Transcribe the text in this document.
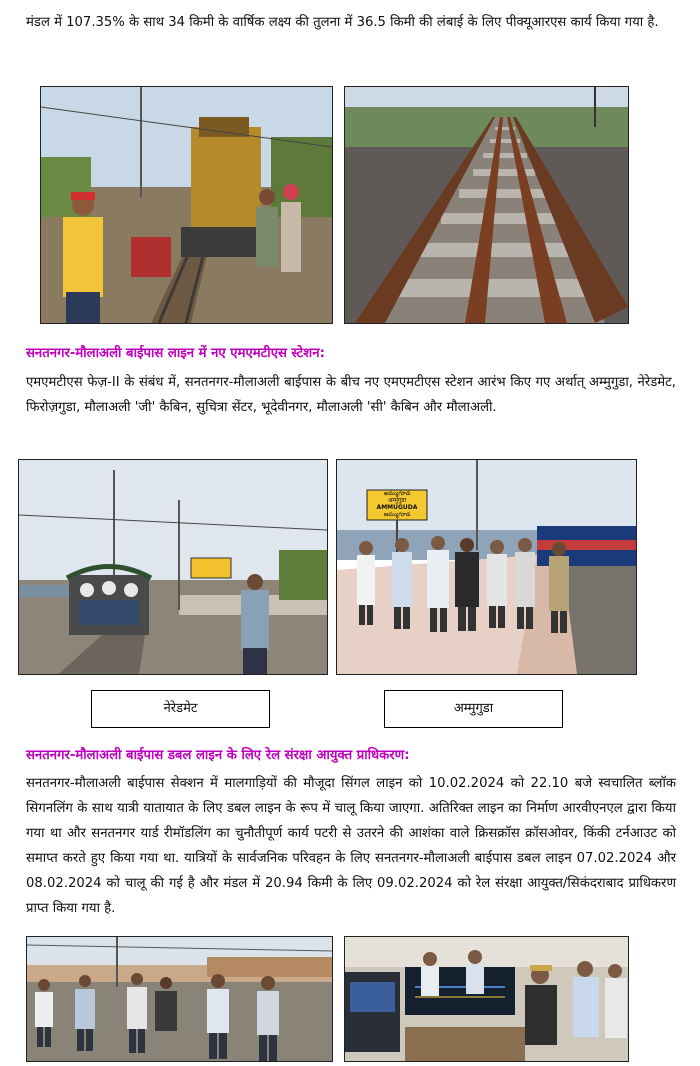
मंडल में 107.35% के साथ 34 किमी के वार्षिक लक्ष्य की तुलना में 36.5 किमी की लंबाई के लिए पीक्यूआरएस कार्य किया गया है.

सनतनगर-मौलाअली बाईपास लाइन में नए एमएमटीएस स्टेशन:

एमएमटीएस फेज़-II के संबंध में, सनतनगर-मौलाअली बाईपास के बीच नए एमएमटीएस स्टेशन आरंभ किए गए अर्थात् अम्मुगुडा, नेरेडमेट, फिरोज़गुडा, मौलाअली 'जी' कैबिन, सुचित्रा सेंटर, भूदेवीनगर, मौलाअली 'सी' कैबिन और मौलाअली.

అమ్ముగూడ
अम्मुगुडा
AMMUGUDA
ఆమ్ముగూడ
नेरेडमेट	अम्मुगुडा

सनतनगर-मौलाअली बाईपास डबल लाइन के लिए रेल संरक्षा आयुक्त प्राधिकरण:

सनतनगर-मौलाअली बाईपास सेक्शन में मालगाड़ियों की मौजूदा सिंगल लाइन को 10.02.2024 को 22.10 बजे स्वचालित ब्लॉक सिगनलिंग के साथ यात्री यातायात के लिए डबल लाइन के रूप में चालू किया जाएगा. अतिरिक्त लाइन का निर्माण आरवीएनएल द्वारा किया गया था और सनतनगर यार्ड रीमॉडलिंग का चुनौतीपूर्ण कार्य पटरी से उतरने की आशंका वाले क्रिसक्रॉस क्रॉसओवर, किंकी टर्नआउट को समाप्त करते हुए किया गया था. यात्रियों के सार्वजनिक परिवहन के लिए सनतनगर-मौलाअली बाईपास डबल लाइन 07.02.2024 और 08.02.2024 को चालू की गई है और मंडल में 20.94 किमी के लिए 09.02.2024 को रेल संरक्षा आयुक्त/सिकंदराबाद प्राधिकरण प्राप्त किया गया है.
